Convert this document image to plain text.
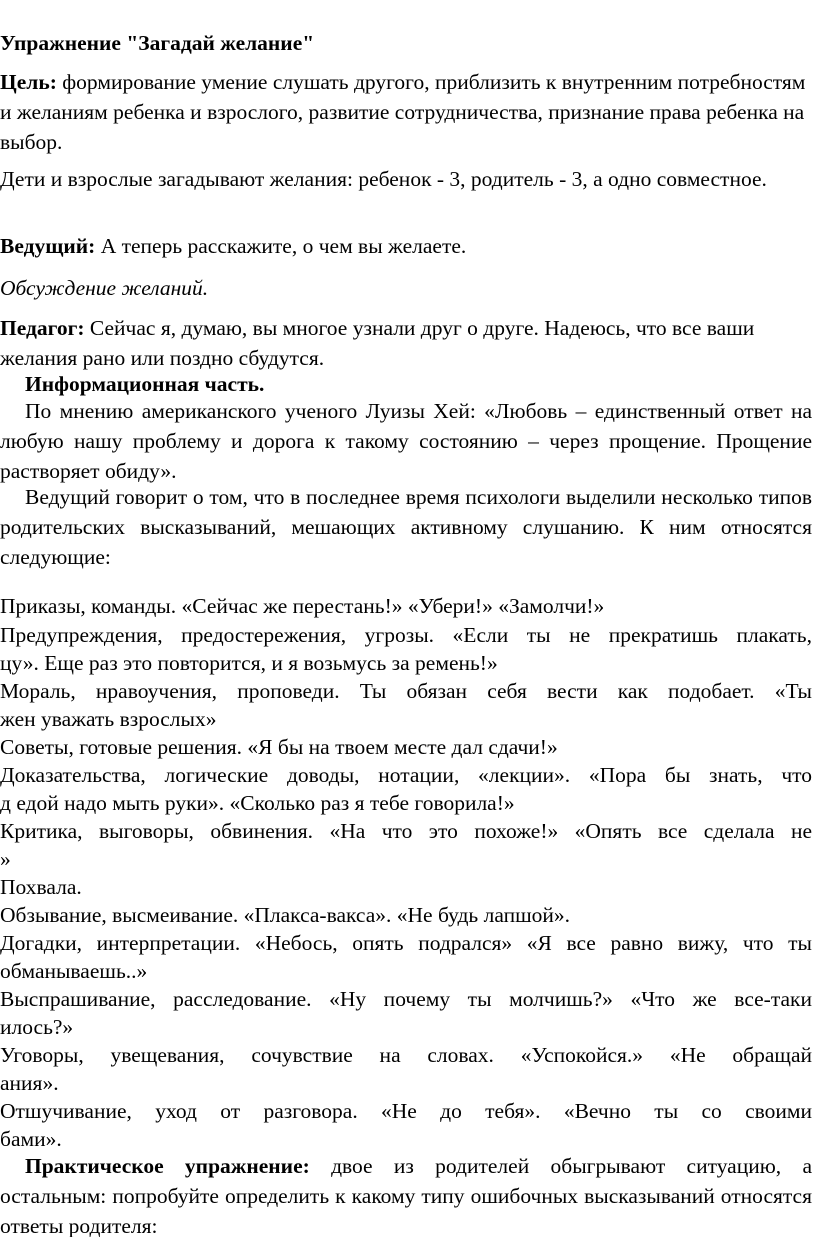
Упражнение "Загадай желание"

Цель: формирование умение слушать другого, приблизить к внутренним потребностям и желаниям ребенка и взрослого, развитие сотрудничества, признание права ребенка на выбор.

Дети и взрослые загадывают желания: ребенок - 3, родитель - 3, а одно совместное.

Ведущий: А теперь расскажите, о чем вы желаете.

Обсуждение желаний.

Педагог: Сейчас я, думаю, вы многое узнали друг о друге. Надеюсь, что все ваши желания рано или поздно сбудутся.

Информационная часть.

По мнению американского ученого Луизы Хей: «Любовь – единственный ответ на любую нашу проблему и дорога к такому состоянию – через прощение. Прощение растворяет обиду».

Ведущий говорит о том, что в последнее время психологи выделили несколько типов родительских высказываний, мешающих активному слушанию. К ним относятся следующие:

Приказы, команды. «Сейчас же перестань!» «Убери!» «Замолчи!»

Предупреждения, предостережения, угрозы. «Если ты не прекратишь плакать,

цу». Еще раз это повторится, и я возьмусь за ремень!»

Мораль, нравоучения, проповеди. Ты обязан себя вести как подобает. «Ты

жен уважать взрослых»

Советы, готовые решения. «Я бы на твоем месте дал сдачи!»

Доказательства, логические доводы, нотации, «лекции». «Пора бы знать, что

д едой надо мыть руки». «Сколько раз я тебе говорила!»

Критика, выговоры, обвинения. «На что это похоже!» «Опять все сделала не

»

Похвала.

Обзывание, высмеивание. «Плакса-вакса». «Не будь лапшой».

Догадки, интерпретации. «Небось, опять подрался» «Я все равно вижу, что ты

обманываешь..»

Выспрашивание, расследование. «Ну почему ты молчишь?» «Что же все-таки

илось?»

Уговоры, увещевания, сочувствие на словах. «Успокойся.» «Не обращай

ания».

Отшучивание, уход от разговора. «Не до тебя». «Вечно ты со своими

бами».

Практическое упражнение: двое из родителей обыгрывают ситуацию, а остальным: попробуйте определить к какому типу ошибочных высказываний относятся ответы родителя:
